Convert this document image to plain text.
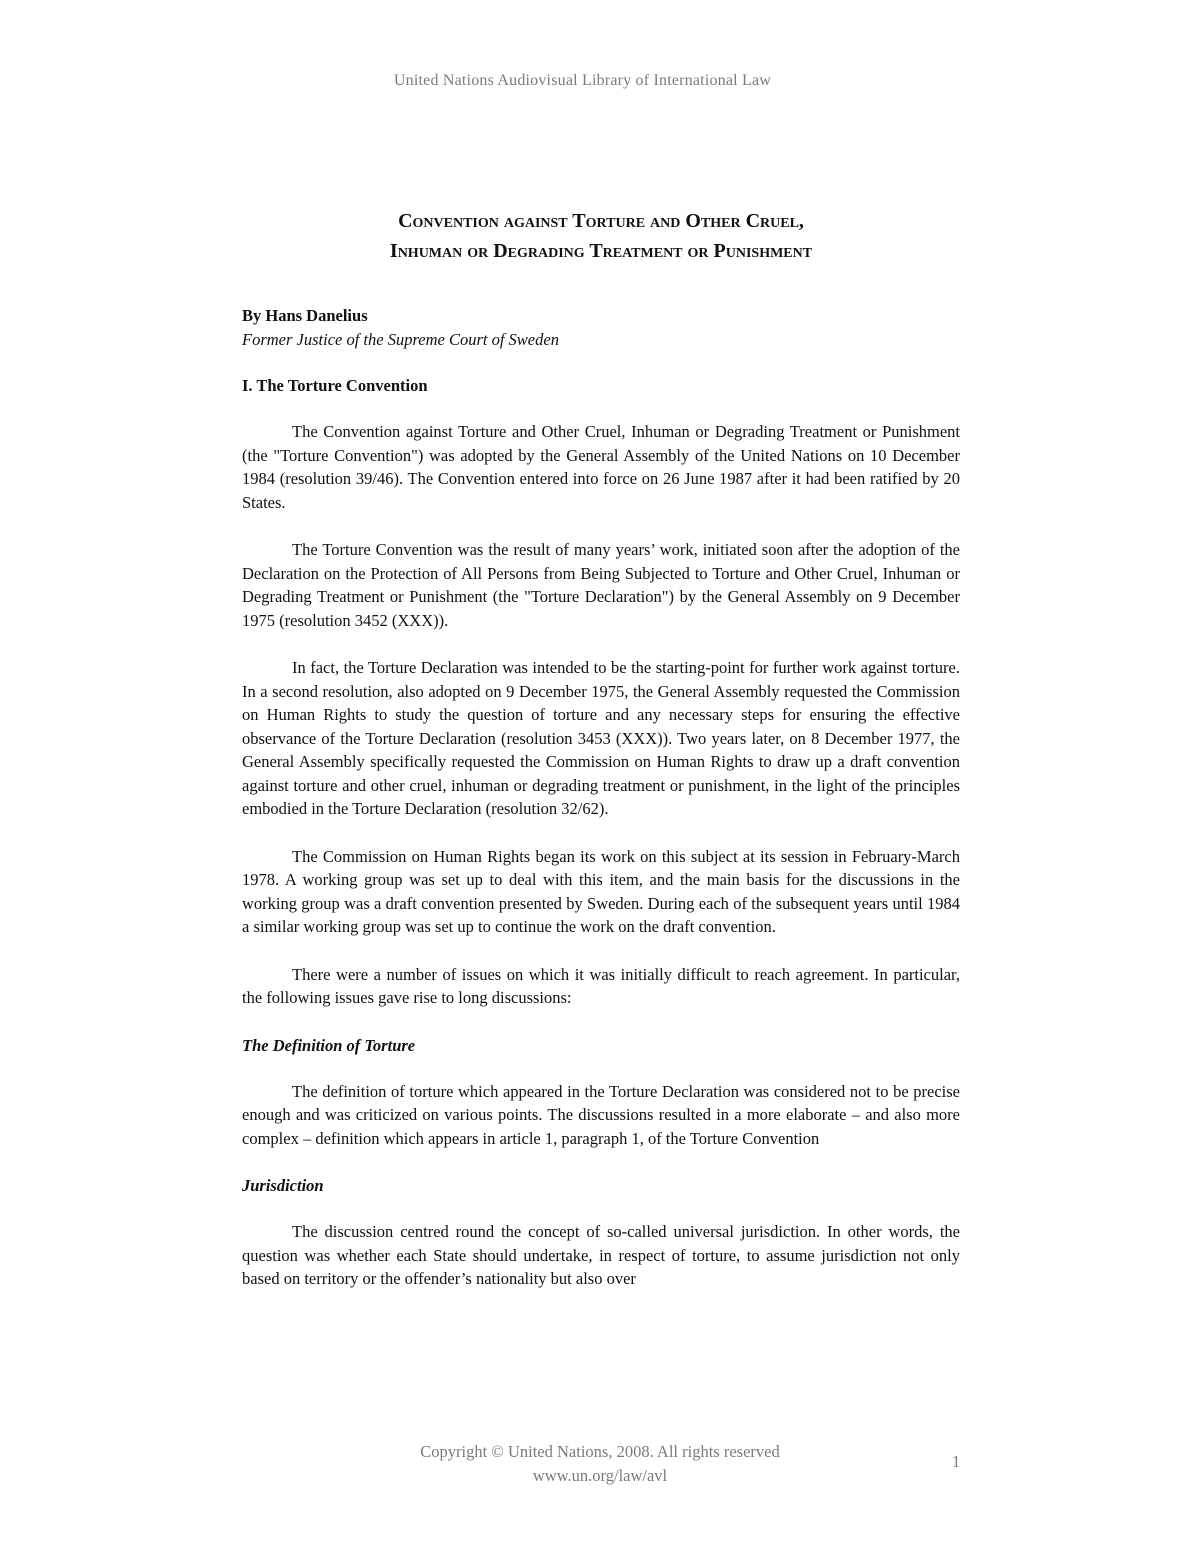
United Nations Audiovisual Library of International Law
Convention against Torture and Other Cruel,
Inhuman or Degrading Treatment or Punishment

By Hans Danelius

Former Justice of the Supreme Court of Sweden

I. The Torture Convention

The Convention against Torture and Other Cruel, Inhuman or Degrading Treatment or Punishment (the "Torture Convention") was adopted by the General Assembly of the United Nations on 10 December 1984 (resolution 39/46). The Convention entered into force on 26 June 1987 after it had been ratified by 20 States.

The Torture Convention was the result of many years’ work, initiated soon after the adoption of the Declaration on the Protection of All Persons from Being Subjected to Torture and Other Cruel, Inhuman or Degrading Treatment or Punishment (the "Torture Declaration") by the General Assembly on 9 December 1975 (resolution 3452 (XXX)).

In fact, the Torture Declaration was intended to be the starting-point for further work against torture. In a second resolution, also adopted on 9 December 1975, the General Assembly requested the Commission on Human Rights to study the question of torture and any necessary steps for ensuring the effective observance of the Torture Declaration (resolution 3453 (XXX)). Two years later, on 8 December 1977, the General Assembly specifically requested the Commission on Human Rights to draw up a draft convention against torture and other cruel, inhuman or degrading treatment or punishment, in the light of the principles embodied in the Torture Declaration (resolution 32/62).

The Commission on Human Rights began its work on this subject at its session in February-March 1978. A working group was set up to deal with this item, and the main basis for the discussions in the working group was a draft convention presented by Sweden. During each of the subsequent years until 1984 a similar working group was set up to continue the work on the draft convention.

There were a number of issues on which it was initially difficult to reach agreement. In particular, the following issues gave rise to long discussions:

The Definition of Torture

The definition of torture which appeared in the Torture Declaration was considered not to be precise enough and was criticized on various points. The discussions resulted in a more elaborate – and also more complex – definition which appears in article 1, paragraph 1, of the Torture Convention

Jurisdiction

The discussion centred round the concept of so-called universal jurisdiction. In other words, the question was whether each State should undertake, in respect of torture, to assume jurisdiction not only based on territory or the offender’s nationality but also over

Copyright © United Nations, 2008. All rights reserved
www.un.org/law/avl
1
